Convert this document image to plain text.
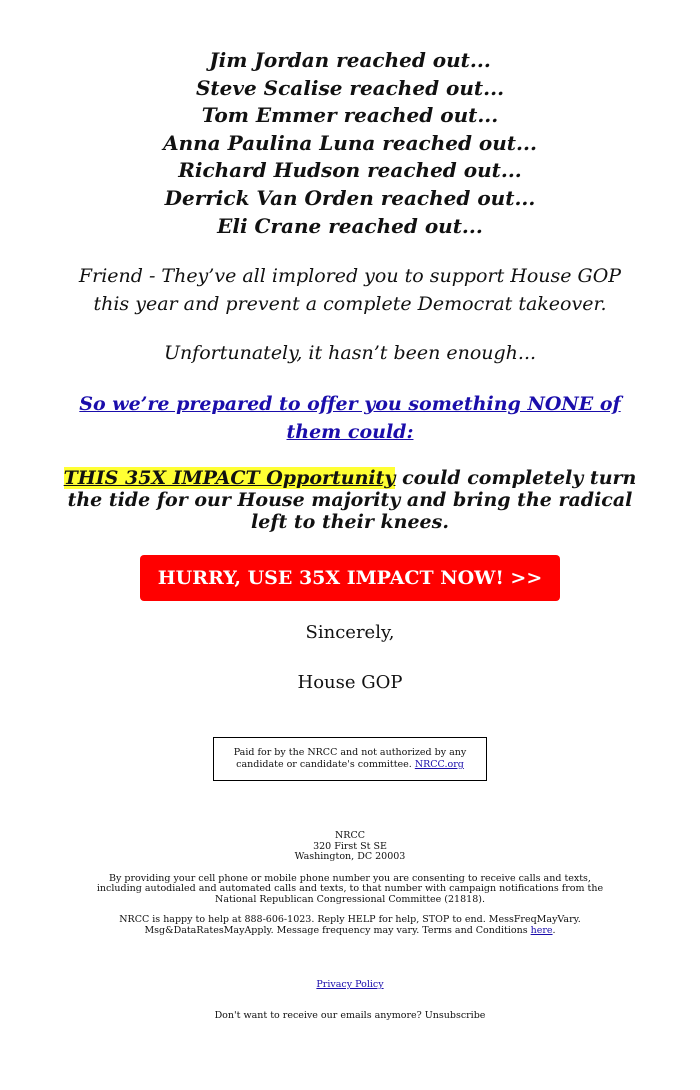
Jim Jordan reached out...
Steve Scalise reached out...
Tom Emmer reached out...
Anna Paulina Luna reached out...
Richard Hudson reached out...
Derrick Van Orden reached out...
Eli Crane reached out...

Friend - They’ve all implored you to support House GOP this year and prevent a complete Democrat takeover.

Unfortunately, it hasn’t been enough...

So we’re prepared to offer you something NONE of them could:
THIS 35X IMPACT Opportunity could completely turn the tide for our House majority and bring the radical left to their knees.
HURRY, USE 35X IMPACT NOW! >>
Sincerely,
House GOP
Paid for by the NRCC and not authorized by any candidate or candidate's committee. NRCC.org
NRCC
320 First St SE
Washington, DC 20003
By providing your cell phone or mobile phone number you are consenting to receive calls and texts, including autodialed and automated calls and texts, to that number with campaign notifications from the National Republican Congressional Committee (21818).
NRCC is happy to help at 888-606-1023. Reply HELP for help, STOP to end. MessFreqMayVary. Msg&DataRatesMayApply. Message frequency may vary. Terms and Conditions here.
Privacy Policy
Don't want to receive our emails anymore? Unsubscribe
